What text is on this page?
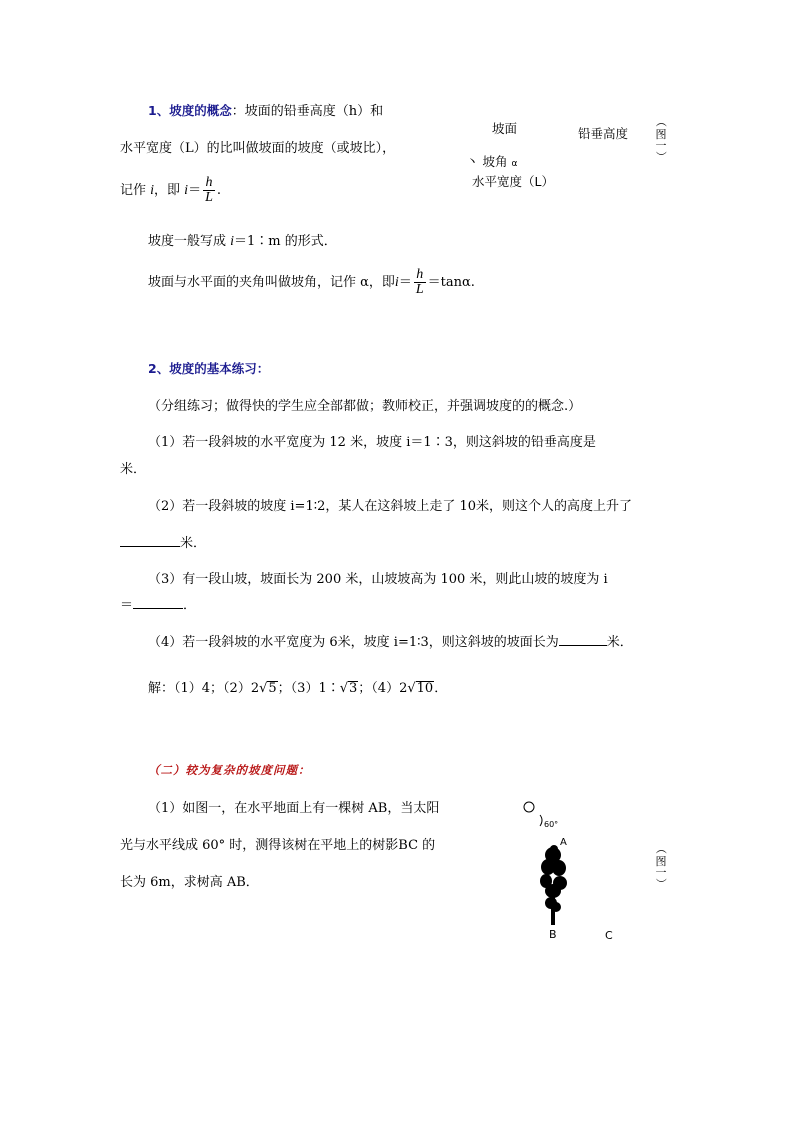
1、坡度的概念：坡面的铅垂高度（h）和
水平宽度（L）的比叫做坡面的坡度（或坡比），
记作 i，即 $i= \frac{h}{L}$ .
坡度一般写成 i＝1∶m 的形式．
坡面与水平面的夹角叫做坡角，记作 α，即$i= \frac{h}{L} =\tan\alpha$.
坡面	铅垂高度
丶 坡角 α
水平宽度（L）
（
图
一
）
2、坡度的基本练习：
（分组练习；做得快的学生应全部都做；教师校正，并强调坡度的的概念.）
（1）若一段斜坡的水平宽度为 12 米，坡度 i＝1∶3，则这斜坡的铅垂高度是
米．
（2）若一段斜坡的坡度 i=1∶2，某人在这斜坡上走了 10米，则这个人的高度上升了
米．
（3）有一段山坡，坡面长为 200 米，山坡坡高为 100 米，则此山坡的坡度为 i
＝	．
（4）若一段斜坡的水平宽度为 6米，坡度 i=1∶3，则这斜坡的坡面长为	米．
解：（1）4；（2）2√5；（3）1∶√3；（4）2√10．
（二）较为复杂的坡度问题：
（1）如图一，在水平地面上有一棵树 AB，当太阳
光与水平线成 60° 时，测得该树在平地上的树影BC 的
长为 6m，求树高 AB．
60°
A
B	C
（
图
一
）
